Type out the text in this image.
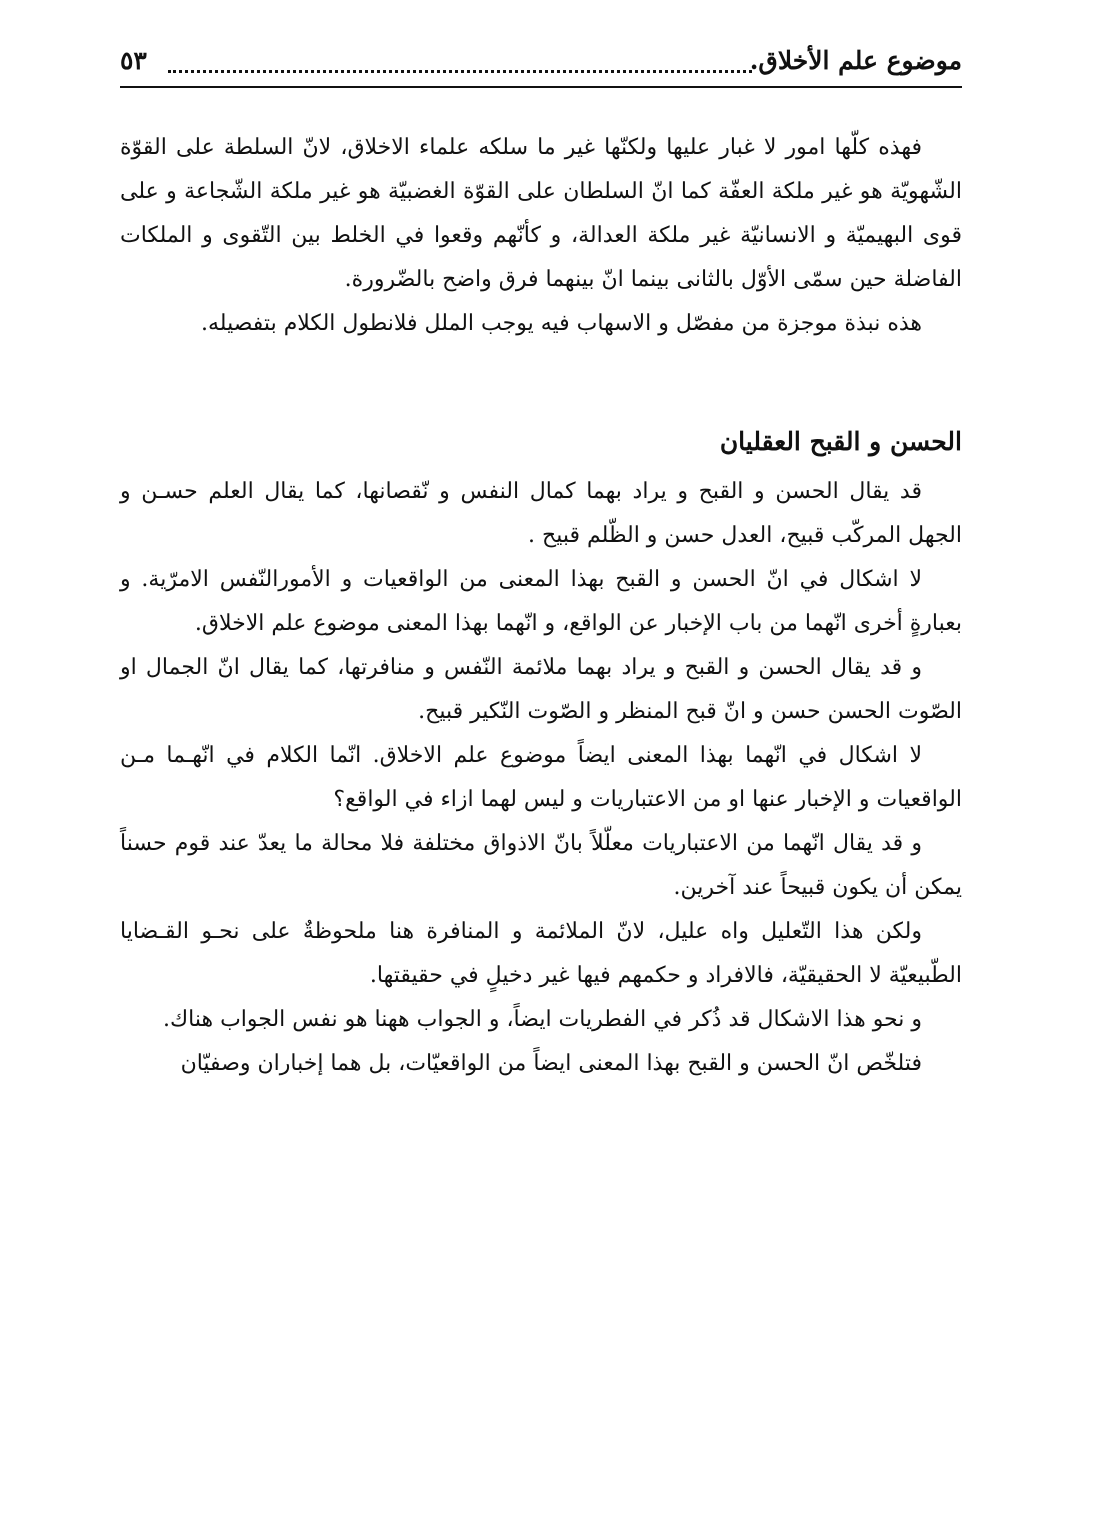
موضوع علم الأخلاق.
٥٣

فهذه كلّها امور لا غبار عليها ولكنّها غير ما سلكه علماء الاخلاق، لانّ السلطة على القوّة الشّهويّة هو غير ملكة العفّة كما انّ السلطان على القوّة الغضبيّة هو غير ملكة الشّجاعة و على قوى البهيميّة و الانسانيّة غير ملكة العدالة، و كأنّهم وقعوا في الخلط بين التّقوى و الملكات الفاضلة حين سمّى الأوّل بالثانى بينما انّ بينهما فرق واضح بالضّرورة.

هذه نبذة موجزة من مفصّل و الاسهاب فيه يوجب الملل فلانطول الكلام بتفصيله.

الحسن و القبح العقليان

قد يقال الحسن و القبح و يراد بهما كمال النفس و نّقصانها، كما يقال العلم حسـن و الجهل المركّب قبيح، العدل حسن و الظّلم قبيح .

لا اشكال في انّ الحسن و القبح بهذا المعنى من الواقعيات و الأمورالنّفس الامرّية. و بعبارةٍ أخرى انّهما من باب الإخبار عن الواقع، و انّهما بهذا المعنى موضوع علم الاخلاق.

و قد يقال الحسن و القبح و يراد بهما ملائمة النّفس و منافرتها، كما يقال انّ الجمال او الصّوت الحسن حسن و انّ قبح المنظر و الصّوت النّكير قبيح.

لا اشكال في انّهما بهذا المعنى ايضاً موضوع علم الاخلاق. انّما الكلام في انّهـما مـن الواقعيات و الإخبار عنها او من الاعتباريات و ليس لهما ازاء في الواقع؟

و قد يقال انّهما من الاعتباريات معلّلاً بانّ الاذواق مختلفة فلا محالة ما يعدّ عند قوم حسناً يمكن أن يكون قبيحاً عند آخرين.

ولكن هذا التّعليل واه عليل، لانّ الملائمة و المنافرة هنا ملحوظةٌ على نحـو القـضايا الطّبيعيّة لا الحقيقيّة، فالافراد و حكمهم فيها غير دخيلٍ في حقيقتها.

و نحو هذا الاشكال قد ذُكر في الفطريات ايضاً، و الجواب ههنا هو نفس الجواب هناك.

فتلخّص انّ الحسن و القبح بهذا المعنى ايضاً من الواقعيّات، بل هما إخباران وصفيّان
